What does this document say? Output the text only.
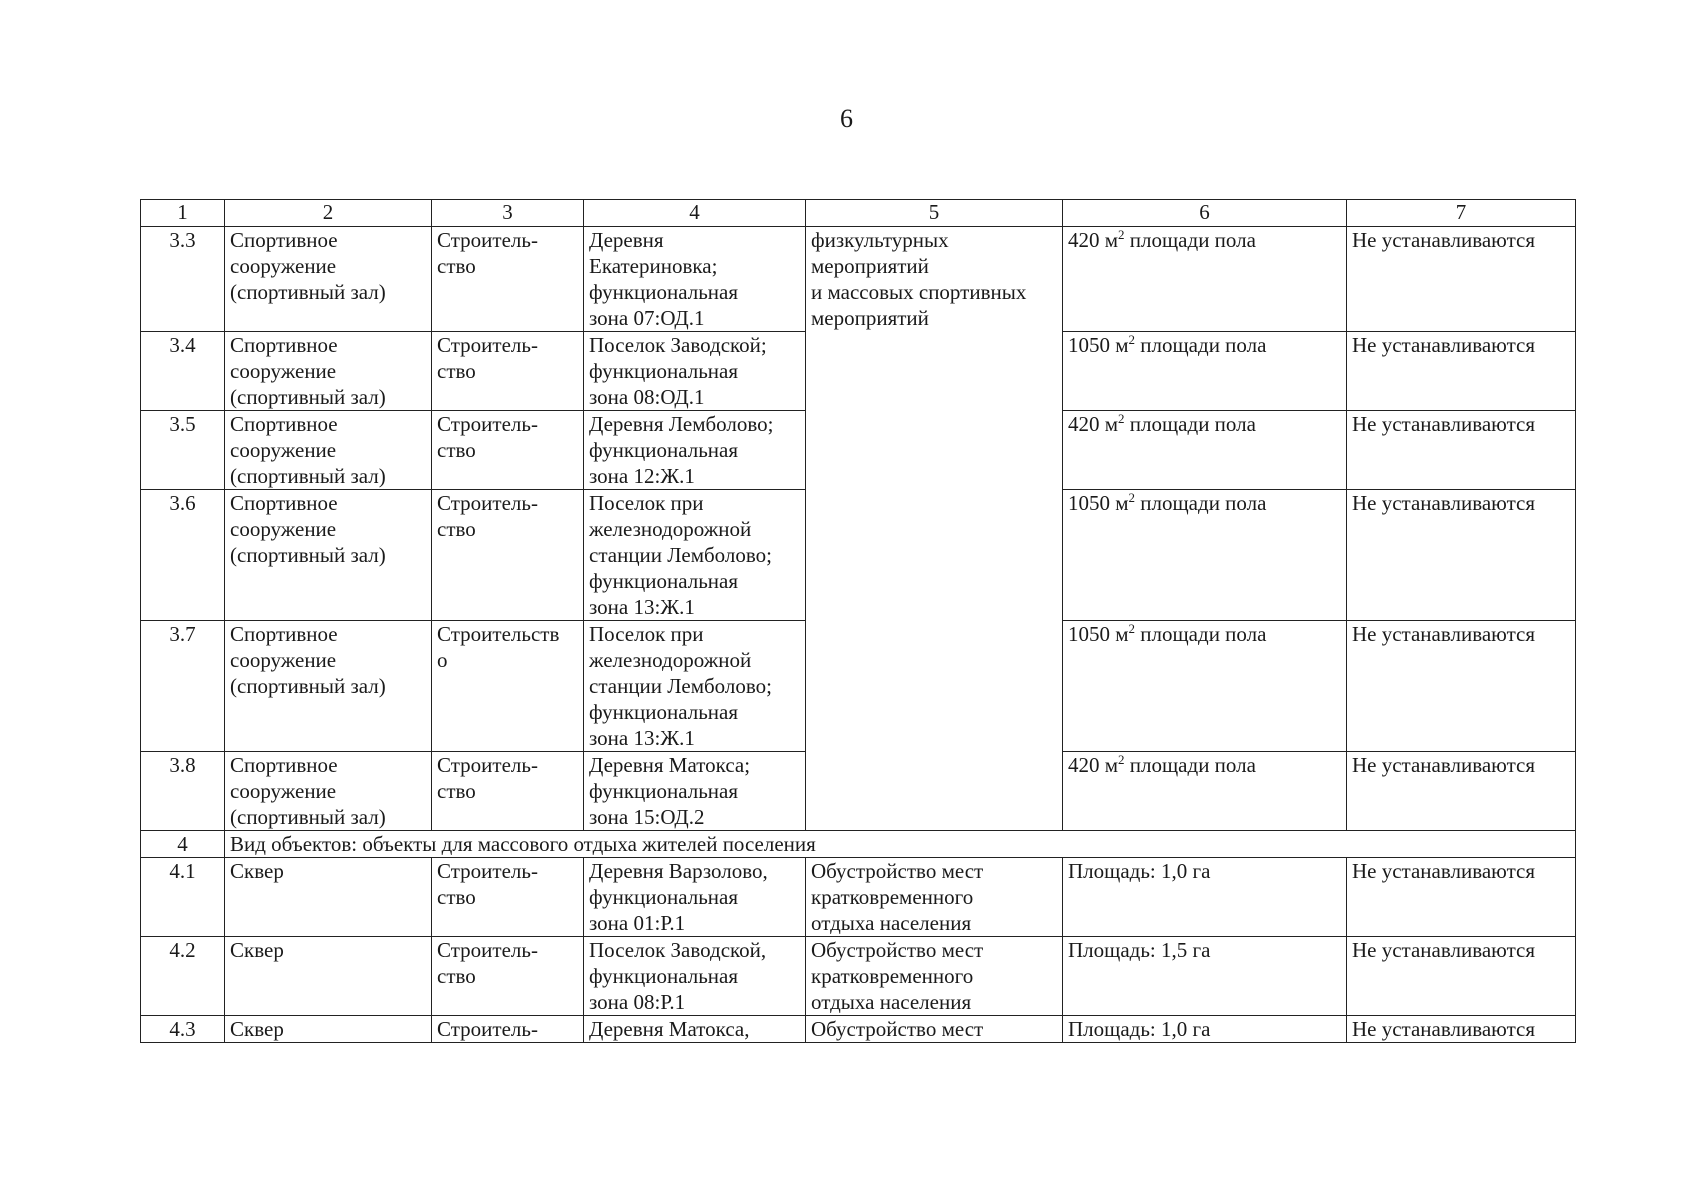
6
1	2	3	4	5	6	7
3.3	Спортивное
сооружение
(спортивный зал)	Строитель-
ство	Деревня
Екатериновка;
функциональная
зона 07:ОД.1	физкультурных
мероприятий
и массовых спортивных
мероприятий	420 $м^2$ площади пола	Не устанавливаются
3.4	Спортивное
сооружение
(спортивный зал)	Строитель-
ство	Поселок Заводской;
функциональная
зона 08:ОД.1		1050 $м^2$ площади пола	Не устанавливаются
3.5	Спортивное
сооружение
(спортивный зал)	Строитель-
ство	Деревня Лемболово;
функциональная
зона 12:Ж.1		420 $м^2$ площади пола	Не устанавливаются
3.6	Спортивное
сооружение
(спортивный зал)	Строитель-
ство	Поселок при
железнодорожной
станции Лемболово;
функциональная
зона 13:Ж.1		1050 $м^2$ площади пола	Не устанавливаются
3.7	Спортивное
сооружение
(спортивный зал)	Строительств
о	Поселок при
железнодорожной
станции Лемболово;
функциональная
зона 13:Ж.1		1050 $м^2$ площади пола	Не устанавливаются
3.8	Спортивное
сооружение
(спортивный зал)	Строитель-
ство	Деревня Матокса;
функциональная
зона 15:ОД.2		420 $м^2$ площади пола	Не устанавливаются
4	Вид объектов: объекты для массового отдыха жителей поселения					
4.1	Сквер	Строитель-
ство	Деревня Варзолово,
функциональная
зона 01:Р.1	Обустройство мест
кратковременного
отдыха населения	Площадь: 1,0 га	Не устанавливаются
4.2	Сквер	Строитель-
ство	Поселок Заводской,
функциональная
зона 08:Р.1	Обустройство мест
кратковременного
отдыха населения	Площадь: 1,5 га	Не устанавливаются
4.3	Сквер	Строитель-	Деревня Матокса,	Обустройство мест	Площадь: 1,0 га	Не устанавливаются
